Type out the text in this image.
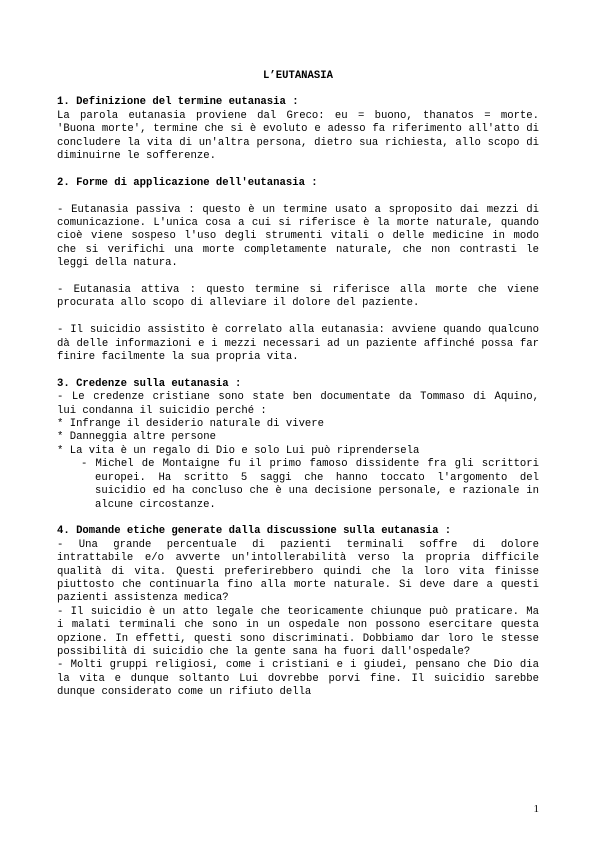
L’EUTANASIA
1. Definizione del termine eutanasia :

La parola eutanasia proviene dal Greco: eu = buono, thanatos = morte. 'Buona morte', termine che si è evoluto e adesso fa riferimento all'atto di concludere la vita di un'altra persona, dietro sua richiesta, allo scopo di diminuirne le sofferenze.

2. Forme di applicazione dell'eutanasia :

- Eutanasia passiva : questo è un termine usato a sproposito dai mezzi di comunicazione. L'unica cosa a cui si riferisce è la morte naturale, quando cioè viene sospeso l'uso degli strumenti vitali o delle medicine in modo che si verifichi una morte completamente naturale, che non contrasti le leggi della natura.

- Eutanasia attiva : questo termine si riferisce alla morte che viene procurata allo scopo di alleviare il dolore del paziente.

- Il suicidio assistito è correlato alla eutanasia: avviene quando qualcuno dà delle informazioni e i mezzi necessari ad un paziente affinché possa far finire facilmente la sua propria vita.

3. Credenze sulla eutanasia :

- Le credenze cristiane sono state ben documentate da Tommaso di Aquino, lui condanna il suicidio perché :

* Infrange il desiderio naturale di vivere

* Danneggia altre persone

* La vita è un regalo di Dio e solo Lui può riprendersela

- Michel de Montaigne fu il primo famoso dissidente fra gli scrittori europei. Ha scritto 5 saggi che hanno toccato l'argomento del suicidio ed ha concluso che è una decisione personale, e razionale in alcune circostanze.

4. Domande etiche generate dalla discussione sulla eutanasia :

- Una grande percentuale di pazienti terminali soffre di dolore intrattabile e/o avverte un'intollerabilità verso la propria difficile qualità di vita. Questi preferirebbero quindi che la loro vita finisse piuttosto che continuarla fino alla morte naturale. Si deve dare a questi pazienti assistenza medica?

- Il suicidio è un atto legale che teoricamente chiunque può praticare. Ma i malati terminali che sono in un ospedale non possono esercitare questa opzione. In effetti, questi sono discriminati. Dobbiamo dar loro le stesse possibilità di suicidio che la gente sana ha fuori dall'ospedale?

- Molti gruppi religiosi, come i cristiani e i giudei, pensano che Dio dia la vita e dunque soltanto Lui dovrebbe porvi fine. Il suicidio sarebbe dunque considerato come un rifiuto della

1
